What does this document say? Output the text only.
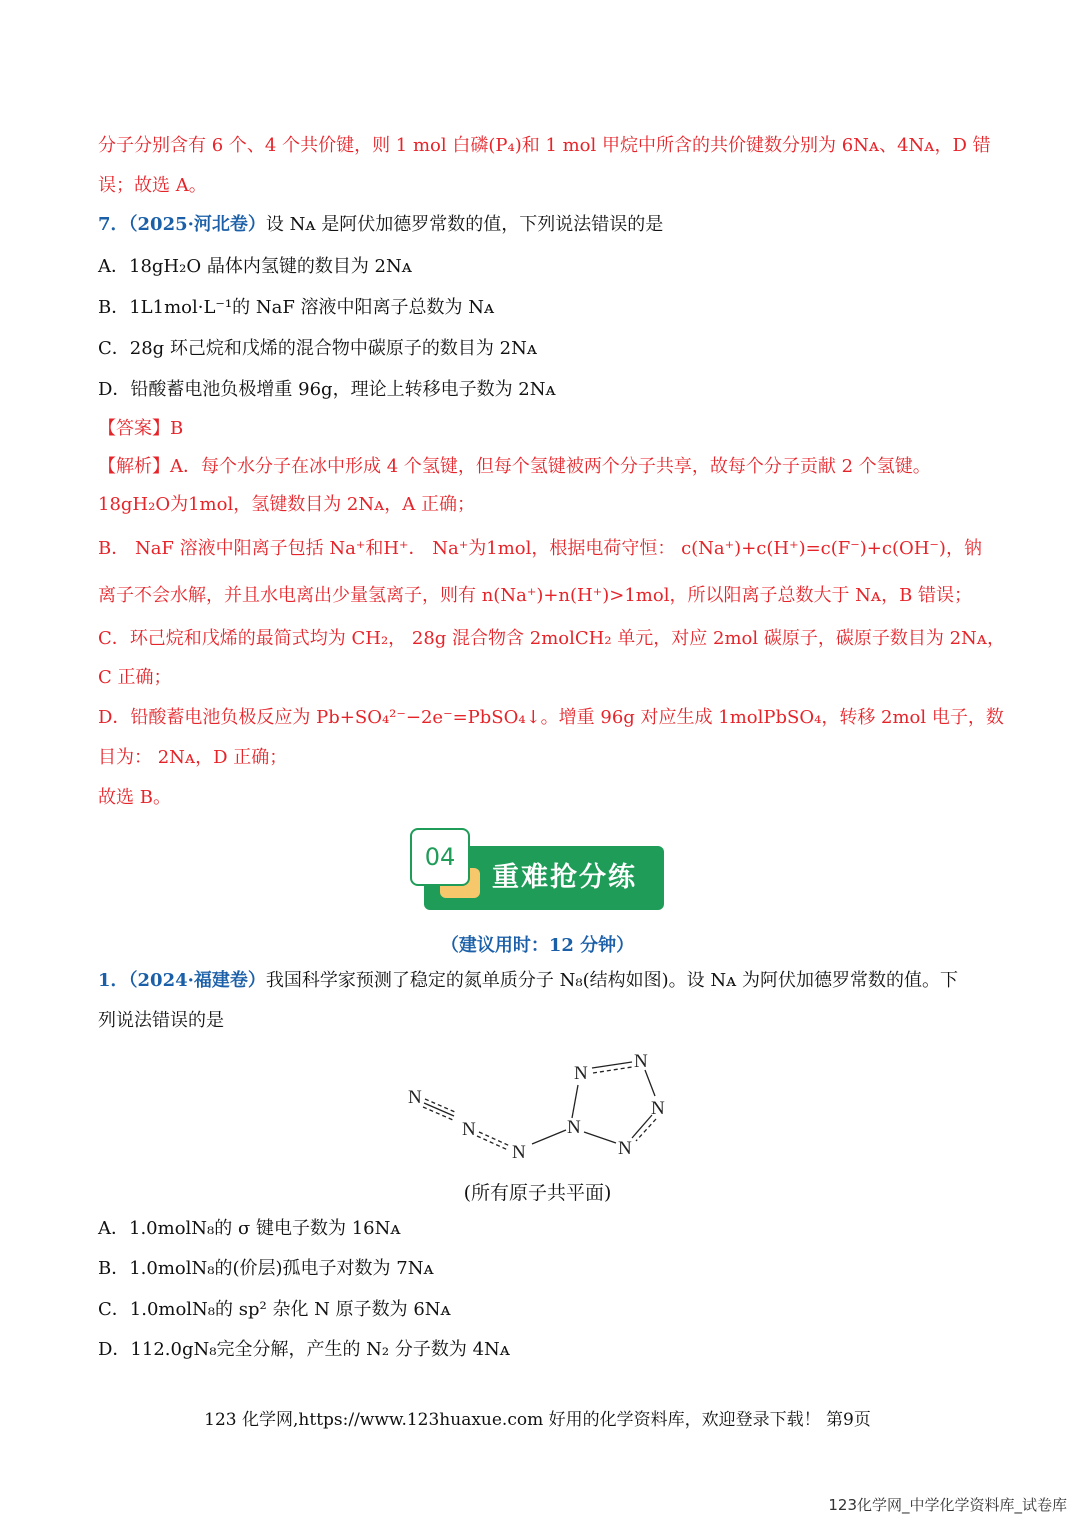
分子分别含有 6 个、4 个共价键，则 1 mol 白磷(P₄)和 1 mol 甲烷中所含的共价键数分别为 6Nᴀ、4Nᴀ，D 错
误；故选 A。
7．（2025·河北卷）设 Nᴀ 是阿伏加德罗常数的值，下列说法错误的是
A．18gH₂O 晶体内氢键的数目为 2Nᴀ
B．1L1mol·L⁻¹的 NaF 溶液中阳离子总数为 Nᴀ
C．28g 环己烷和戊烯的混合物中碳原子的数目为 2Nᴀ
D．铅酸蓄电池负极增重 96g，理论上转移电子数为 2Nᴀ
【答案】B
【解析】A．每个水分子在冰中形成 4 个氢键，但每个氢键被两个分子共享，故每个分子贡献 2 个氢键。
18gH₂O为1mol，氢键数目为 2Nᴀ，A 正确；
B． NaF 溶液中阳离子包括 Na⁺和H⁺． Na⁺为1mol，根据电荷守恒： c(Na⁺)+c(H⁺)=c(F⁻)+c(OH⁻)，钠
离子不会水解，并且水电离出少量氢离子，则有 n(Na⁺)+n(H⁺)>1mol，所以阳离子总数大于 Nᴀ，B 错误；
C．环己烷和戊烯的最简式均为 CH₂， 28g 混合物含 2molCH₂ 单元，对应 2mol 碳原子，碳原子数目为 2Nᴀ，
C 正确；
D．铅酸蓄电池负极反应为 Pb+SO₄²⁻−2e⁻=PbSO₄↓。增重 96g 对应生成 1molPbSO₄，转移 2mol 电子，数
目为： 2Nᴀ，D 正确；
故选 B。
04
重难抢分练
（建议用时：12 分钟）
1．（2024·福建卷）我国科学家预测了稳定的氮单质分子 N₈(结构如图)。设 Nᴀ 为阿伏加德罗常数的值。下
列说法错误的是
N
N
N
N
N
N
N
N
(所有原子共平面)
A．1.0molN₈的 σ 键电子数为 16Nᴀ
B．1.0molN₈的(价层)孤电子对数为 7Nᴀ
C．1.0molN₈的 sp² 杂化 N 原子数为 6Nᴀ
D．112.0gN₈完全分解，产生的 N₂ 分子数为 4Nᴀ
123 化学网,https://www.123huaxue.com 好用的化学资料库，欢迎登录下载！ 第9页
123化学网_中学化学资料库_试卷库
